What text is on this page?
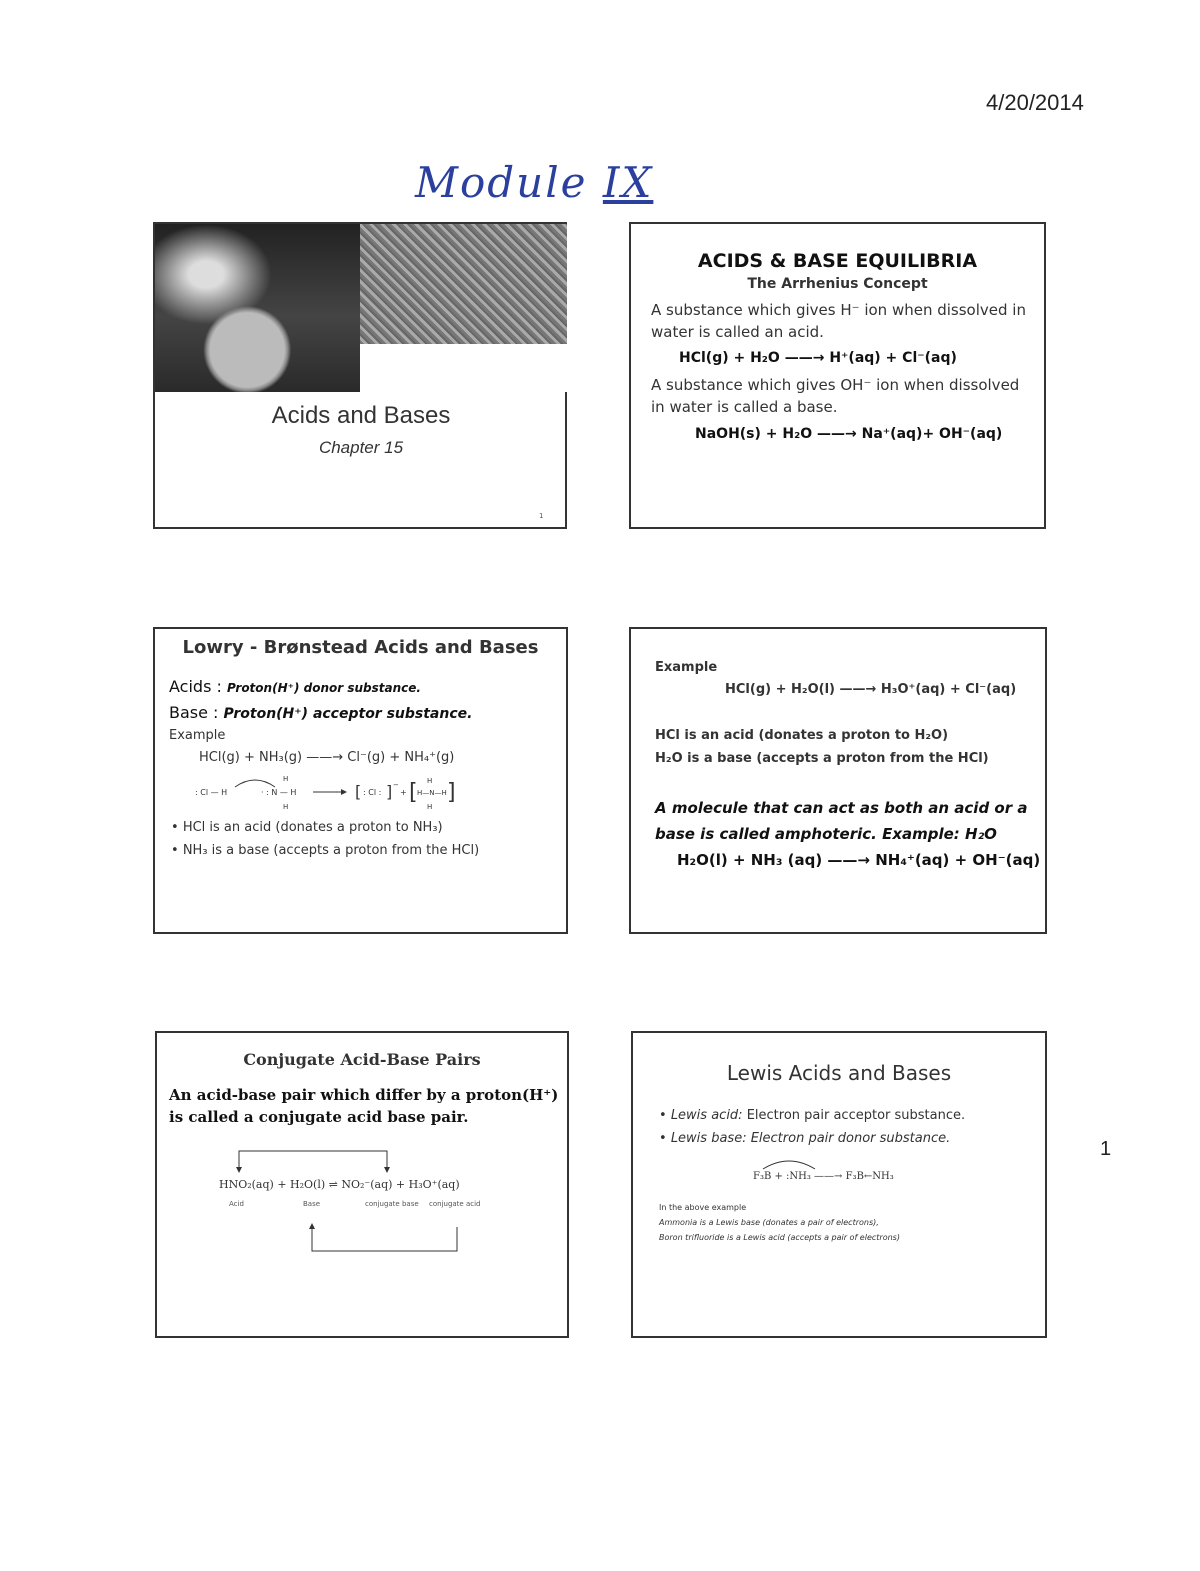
4/20/2014
Module IX
Acids and Bases
Chapter 15
1
ACIDS & BASE EQUILIBRIA
The Arrhenius Concept
A substance which gives H⁻ ion when dissolved in
water is called an acid.
HCl(g) + H₂O ——→ H⁺(aq) + Cl⁻(aq)
A substance which gives OH⁻ ion when dissolved
in water is called a base.
NaOH(s) + H₂O ——→ Na⁺(aq)+ OH⁻(aq)
Lowry - Brønstead Acids and Bases
Acids : Proton(H⁺) donor substance.
Base : Proton(H⁺) acceptor substance.
Example
HCl(g) + NH₃(g) ——→ Cl⁻(g) + NH₄⁺(g)
: Cl — H	· : N — H
H
H
[ : Cl : ] −
+ [ H—N—H
H
H
]
• HCl is an acid (donates a proton to NH₃)
• NH₃ is a base (accepts a proton from the HCl)
Example
HCl(g) + H₂O(l) ——→ H₃O⁺(aq) + Cl⁻(aq)
HCl is an acid (donates a proton to H₂O)
H₂O is a base (accepts a proton from the HCl)
A molecule that can act as both an acid or a
base is called amphoteric. Example: H₂O
H₂O(l) + NH₃ (aq) ——→ NH₄⁺(aq) + OH⁻(aq)
Conjugate Acid-Base Pairs
An acid-base pair which differ by a proton(H⁺)
is called a conjugate acid base pair.
HNO₂(aq) + H₂O(l) ⇌ NO₂⁻(aq) + H₃O⁺(aq)
Acid	Base	conjugate base conjugate acid
Lewis Acids and Bases
• Lewis acid: Electron pair acceptor substance.
• Lewis base: Electron pair donor substance.
F₃B + :NH₃ ——→ F₃B←NH₃
In the above example
Ammonia is a Lewis base (donates a pair of electrons),
Boron trifluoride is a Lewis acid (accepts a pair of electrons)
1
